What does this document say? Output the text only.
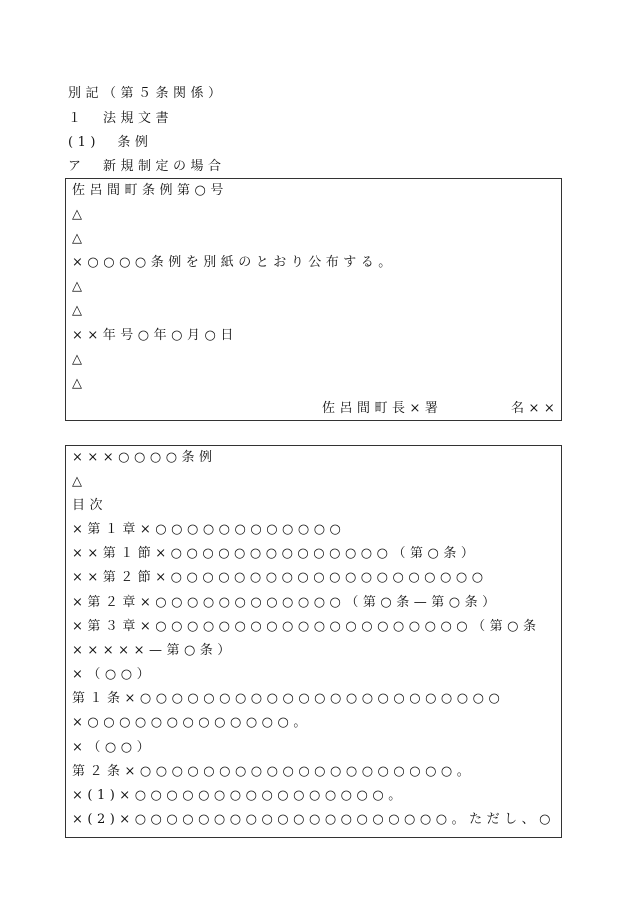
別記（第５条関係）
１　法規文書
(1)　条例
ア　新規制定の場合
佐呂間町条例第○号
△
△
×○○○○条例を別紙のとおり公布する。
△
△
××年号○年○月○日
△
△
佐呂間町長×署	名××
×××○○○○条例
△
目次
×第１章×○○○○○○○○○○○○
××第１節×○○○○○○○○○○○○○○（第○条）
××第２節×○○○○○○○○○○○○○○○○○○○○
×第２章×○○○○○○○○○○○○（第○条—第○条）
×第３章×○○○○○○○○○○○○○○○○○○○○（第○条
×××××—第○条）
×（○○）
第１条×○○○○○○○○○○○○○○○○○○○○○○○
×○○○○○○○○○○○○○。
×（○○）
第２条×○○○○○○○○○○○○○○○○○○○○。
×(1)×○○○○○○○○○○○○○○○○。
×(2)×○○○○○○○○○○○○○○○○○○○○。ただし、○
